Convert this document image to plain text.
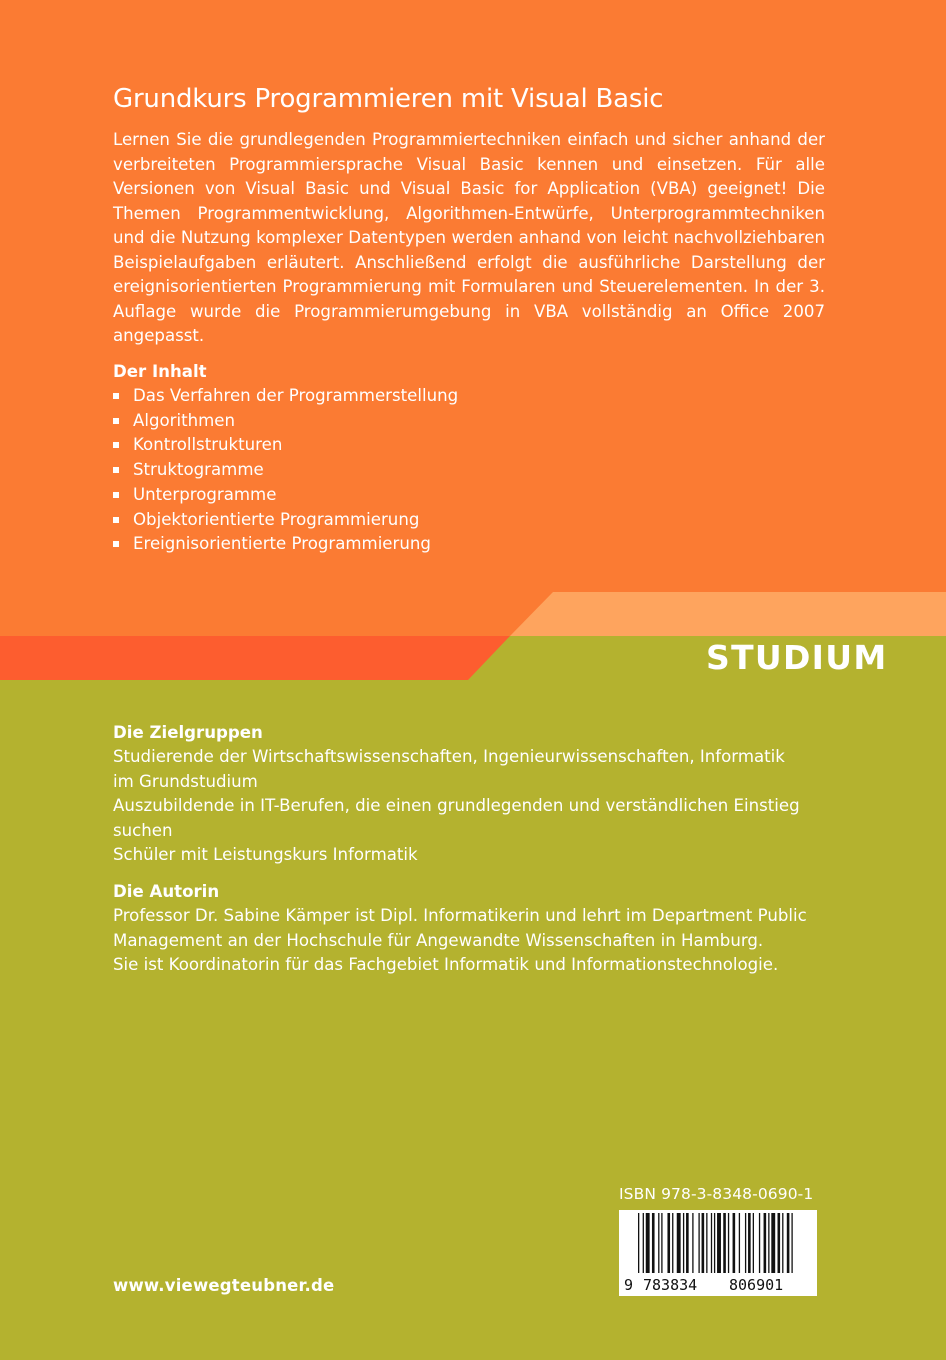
Grundkurs Programmieren mit Visual Basic

Lernen Sie die grundlegenden Programmiertechniken einfach und sicher anhand der verbreiteten Programmiersprache Visual Basic kennen und einsetzen. Für alle Versionen von Visual Basic und Visual Basic for Application (VBA) geeignet! Die Themen Programmentwicklung, Algorithmen-Entwürfe, Unterprogrammtechniken und die Nutzung komplexer Datentypen werden anhand von leicht nachvollziehbaren Beispielaufgaben erläutert. Anschließend erfolgt die ausführliche Darstellung der ereignisorientierten Programmierung mit Formularen und Steuerelementen. In der 3. Auflage wurde die Programmierumgebung in VBA vollständig an Office 2007 angepasst.

Der Inhalt
Das Verfahren der Programmerstellung
Algorithmen
Kontrollstrukturen
Struktogramme
Unterprogramme
Objektorientierte Programmierung
Ereignisorientierte Programmierung
STUDIUM
Die Zielgruppen
Studierende der Wirtschaftswissenschaften, Ingenieurwissenschaften, Informatik
im Grundstudium
Auszubildende in IT-Berufen, die einen grundlegenden und verständlichen Einstieg
suchen
Schüler mit Leistungskurs Informatik
Die Autorin
Professor Dr. Sabine Kämper ist Dipl. Informatikerin und lehrt im Department Public
Management an der Hochschule für Angewandte Wissenschaften in Hamburg.
Sie ist Koordinatorin für das Fachgebiet Informatik und Informationstechnologie.
ISBN 978-3-8348-0690-1
9 783834 806901
www.viewegteubner.de
